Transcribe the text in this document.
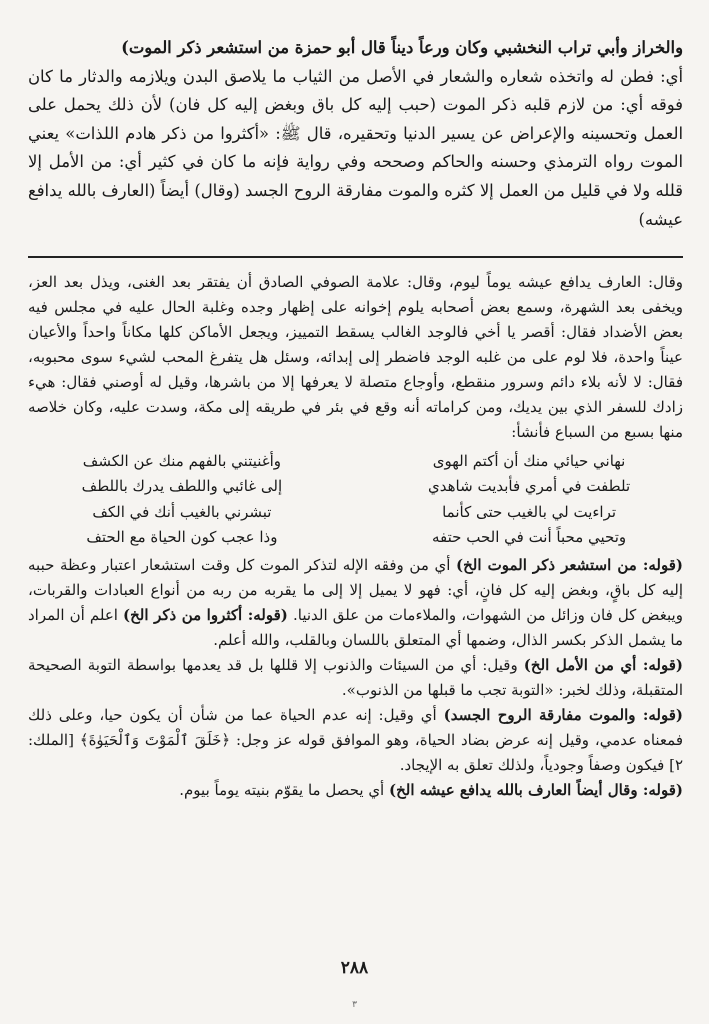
والخراز وأبي تراب النخشبي وكان ورعاً ديناً قال أبو حمزة من استشعر ذكر الموت)

أي: فطن له واتخذه شعاره والشعار في الأصل من الثياب ما يلاصق البدن ويلازمه والدثار ما كان فوقه أي: من لازم قلبه ذكر الموت (حبب إليه كل باق وبغض إليه كل فان) لأن ذلك يحمل على العمل وتحسينه والإعراض عن يسير الدنيا وتحقيره، قال ﷺ: «أكثروا من ذكر هادم اللذات» يعني الموت رواه الترمذي وحسنه والحاكم وصححه وفي رواية فإنه ما كان في كثير أي: من الأمل إلا قلله ولا في قليل من العمل إلا كثره والموت مفارقة الروح الجسد (وقال) أيضاً (العارف بالله يدافع عيشه)

وقال: العارف يدافع عيشه يوماً ليوم، وقال: علامة الصوفي الصادق أن يفتقر بعد الغنى، ويذل بعد العز، ويخفى بعد الشهرة، وسمع بعض أصحابه يلوم إخوانه على إظهار وجده وغلبة الحال عليه في مجلس فيه بعض الأضداد فقال: أقصر يا أخي فالوجد الغالب يسقط التمييز، ويجعل الأماكن كلها مكاناً واحداً والأعيان عيناً واحدة، فلا لوم على من غلبه الوجد فاضطر إلى إبدائه، وسئل هل يتفرغ المحب لشيء سوى محبوبه، فقال: لا لأنه بلاء دائم وسرور منقطع، وأوجاع متصلة لا يعرفها إلا من باشرها، وقيل له أوصني فقال: هيء زادك للسفر الذي بين يديك، ومن كراماته أنه وقع في بئر في طريقه إلى مكة، وسدت عليه، وكان خلاصه منها بسبع من السباع فأنشأ:

نهاني حيائي منك أن أكتم الهوى
وأغنيتني بالفهم منك عن الكشف
تلطفت في أمري فأبديت شاهدي
إلى غائبي واللطف يدرك باللطف
تراءيت لي بالغيب حتى كأنما
تبشرني بالغيب أنك في الكف
وتحيي محباً أنت في الحب حتفه
وذا عجب كون الحياة مع الحتف

(قوله: من استشعر ذكر الموت الخ) أي من وفقه الإله لتذكر الموت كل وقت استشعار اعتبار وعظة حببه إليه كل باقٍ، وبغض إليه كل فانٍ، أي: فهو لا يميل إلا إلى ما يقربه من ربه من أنواع العبادات والقربات، ويبغض كل فان وزائل من الشهوات، والملاءمات من علق الدنيا. (قوله: أكثروا من ذكر الخ) اعلم أن المراد ما يشمل الذكر بكسر الذال، وضمها أي المتعلق باللسان وبالقلب، والله أعلم.

(قوله: أي من الأمل الخ) وقيل: أي من السيئات والذنوب إلا قللها بل قد يعدمها بواسطة التوبة الصحيحة المتقبلة، وذلك لخبر: «التوبة تجب ما قبلها من الذنوب».

(قوله: والموت مفارقة الروح الجسد) أي وقيل: إنه عدم الحياة عما من شأن أن يكون حيا، وعلى ذلك فمعناه عدمي، وقيل إنه عرض بضاد الحياة، وهو الموافق قوله عز وجل: ﴿خَلَقَ ٱلْمَوْتَ وَٱلْحَيَوٰةَ﴾ [الملك: ٢] فيكون وصفاً وجودياً، ولذلك تعلق به الإيجاد.

(قوله: وقال أيضاً العارف بالله يدافع عيشه الخ) أي يحصل ما يقوّم بنيته يوماً بيوم.

٢٨٨
٣
